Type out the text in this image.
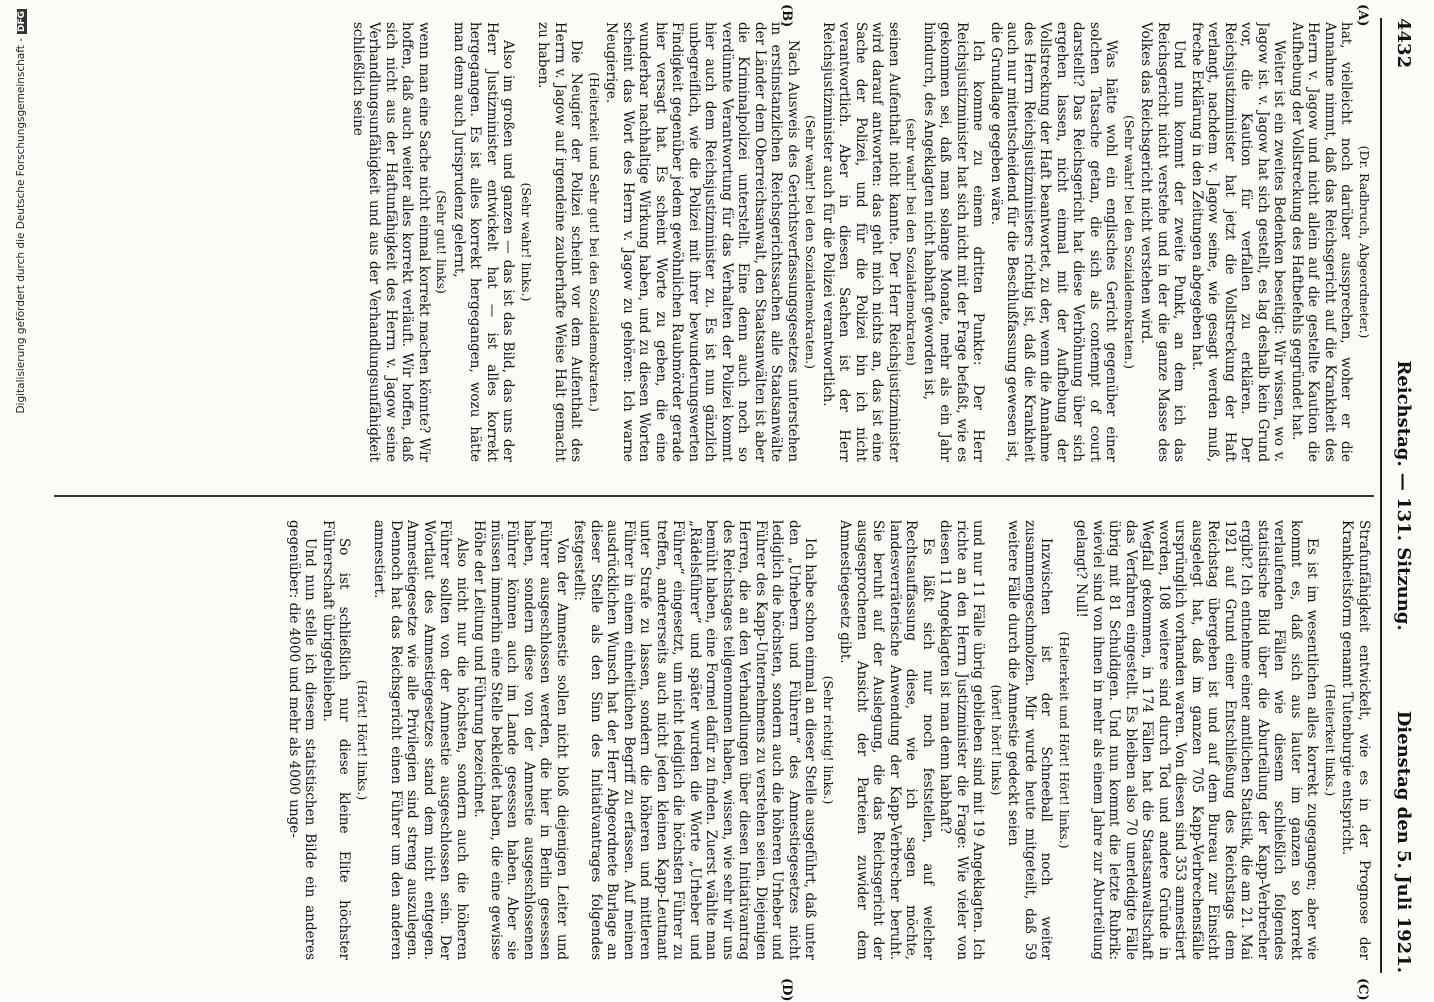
4432
Reichstag. — 131. Sitzung.
Dienstag den 5. Juli 1921.
(A)
(B)
(C)
(D)

(Dr. Radbruch, Abgeordneter.)

hat, vielleicht noch darüber aussprechen, woher er die Annahme nimmt, daß das Reichsgericht auf die Krankheit des Herrn v. Jagow und nicht allein auf die gestellte Kaution die Aufhebung der Vollstreckung des Haftbefehls gegründet hat.

Weiter ist ein zweites Bedenken beseitigt: Wir wissen, wo v. Jagow ist. v. Jagow hat sich gestellt, es lag deshalb kein Grund vor, die Kaution für verfallen zu erklären. Der Reichsjustizminister hat jetzt die Vollstreckung der Haft verlangt, nachdem v. Jagow seine, wie gesagt werden muß, freche Erklärung in den Zeitungen abgegeben hat.

Und nun kommt der zweite Punkt, an dem ich das Reichsgericht nicht verstehe und in der die ganze Masse des Volkes das Reichsgericht nicht verstehen wird.

(Sehr wahr! bei den Sozialdemokraten.)

Was hätte wohl ein englisches Gericht gegenüber einer solchen Tatsache getan, die sich als contempt of court darstellt? Das Reichsgericht hat diese Verhöhnung über sich ergehen lassen, nicht einmal mit der Aufhebung der Vollstreckung der Haft beantwortet, zu der, wenn die Annahme des Herrn Reichsjustizministers richtig ist, daß die Krankheit auch nur mitentscheidend für die Beschlußfassung gewesen ist, die Grundlage gegeben wäre.

Ich komme zu einem dritten Punkte: Der Herr Reichsjustizminister hat sich nicht mit der Frage befaßt, wie es gekommen sei, daß man solange Monate, mehr als ein Jahr hindurch, des Angeklagten nicht habhaft geworden ist,

(sehr wahr! bei den Sozialdemokraten)

seinen Aufenthalt nicht kannte. Der Herr Reichsjustizminister wird darauf antworten: das geht mich nichts an, das ist eine Sache der Polizei, und für die Polizei bin ich nicht verantwortlich. Aber in diesen Sachen ist der Herr Reichsjustizminister auch für die Polizei verantwortlich.

(Sehr wahr! bei den Sozialdemokraten.)

Nach Ausweis des Gerichtsverfassungsgesetzes unterstehen in erstinstanzlichen Reichsgerichtssachen alle Staatsanwälte der Länder dem Oberreichsanwalt, den Staatsanwälten ist aber die Kriminalpolizei unterstellt. Eine denn auch noch so verdünnte Verantwortung für das Verhalten der Polizei kommt hier auch dem Reichsjustizminister zu. Es ist nun gänzlich unbegreiflich, wie die Polizei mit ihrer bewunderungswerten Findigkeit gegenüber jedem gewöhnlichen Raubmörder gerade hier versagt hat. Es scheint Worte zu geben, die eine wunderbar nachhaltige Wirkung haben, und zu diesen Worten scheint das Wort des Herrn v. Jagow zu gehören: Ich warne Neugierige.

(Heiterkeit und Sehr gut! bei den Sozialdemokraten.)

Die Neugier der Polizei scheint vor dem Aufenthalt des Herrn v. Jagow auf irgendeine zauberhafte Weise Halt gemacht zu haben.

(Sehr wahr! links.)

Also im großen und ganzen — das ist das Bild, das uns der Herr Justizminister entwickelt hat — ist alles korrekt hergegangen. Es ist alles korrekt hergegangen, wozu hätte man denn auch Jurisprudenz gelernt,

(Sehr gut! links)

wenn man eine Sache nicht einmal korrekt machen könnte? Wir hoffen, daß auch weiter alles korrekt verläuft. Wir hoffen, daß sich nicht aus der Haftunfähigkeit des Herrn v. Jagow seine Verhandlungsunfähigkeit und aus der Verhandlungsunfähigkeit schließlich seine

Strafunfähigkeit entwickelt, wie es in der Prognose der Krankheitsform genannt Tutenburgie entspricht.

(Heiterkeit links.)

Es ist im wesentlichen alles korrekt zugegangen; aber wie kommt es, daß sich aus lauter im ganzen so korrekt verlaufenden Fällen wie diesem schließlich folgendes statistische Bild über die Aburteilung der Kapp-Verbrecher ergibt? Ich entnehme einer amtlichen Statistik, die am 21. Mai 1921 auf Grund einer Entschließung des Reichstags dem Reichstag übergeben ist und auf dem Bureau zur Einsicht ausgelegt hat, daß im ganzen 705 Kapp-Verbrechensfälle ursprünglich vorhanden waren. Von diesen sind 353 amnestiert worden, 108 weitere sind durch Tod und andere Gründe in Wegfall gekommen, in 174 Fällen hat die Staatsanwaltschaft das Verfahren eingestellt. Es bleiben also 70 unerledigte Fälle übrig mit 81 Schuldigen. Und nun kommt die letzte Rubrik: wieviel sind von ihnen in mehr als einem Jahre zur Aburteilung gelangt? Null!

(Heiterkeit und Hört! Hört! links.)

Inzwischen ist der Schneeball noch weiter zusammengeschmolzen. Mir wurde heute mitgeteilt, daß 59 weitere Fälle durch die Amnestie gedeckt seien

(hört! hört! links)

und nur 11 Fälle übrig geblieben sind mit 19 Angeklagten. Ich richte an den Herrn Justizminister die Frage: Wie vieler von diesen 11 Angeklagten ist man denn habhaft?

Es läßt sich nur noch feststellen, auf welcher Rechtsauffassung diese, wie ich sagen möchte, landesverräterische Anwendung der Kapp-Verbrecher beruht. Sie beruht auf der Auslegung, die das Reichsgericht der ausgesprochenen Ansicht der Parteien zuwider dem Amnestiegesetz gibt.

(Sehr richtig! links.)

Ich habe schon einmal an dieser Stelle ausgeführt, daß unter den „Urhebern und Führern“ des Amnestiegesetzes nicht lediglich die höchsten, sondern auch die höheren Urheber und Führer des Kapp-Unternehmens zu verstehen seien. Diejenigen Herren, die an den Verhandlungen über diesen Initiativantrag des Reichstages teilgenommen haben, wissen, wie sehr wir uns bemüht haben, eine Formel dafür zu finden. Zuerst wählte man „Rädelsführer“ und später wurden die Worte „Urheber und Führer“ eingesetzt, um nicht lediglich die höchsten Führer zu treffen, andererseits auch nicht jeden kleinen Kapp-Leutnant unter Strafe zu lassen, sondern die höheren und mittleren Führer in einem einheitlichen Begriff zu erfassen. Auf meinen ausdrücklichen Wunsch hat der Herr Abgeordnete Burlage an dieser Stelle als den Sinn des Initiativantrages folgendes festgestellt:

Von der Amnestie sollen nicht bloß diejenigen Leiter und Führer ausgeschlossen werden, die hier in Berlin gesessen haben, sondern diese von der Amnestie ausgeschlossenen Führer können auch im Lande gesessen haben. Aber sie müssen immerhin eine Stelle bekleidet haben, die eine gewisse Höhe der Leitung und Führung bezeichnet.

Also nicht nur die höchsten, sondern auch die höheren Führer sollten von der Amnestie ausgeschlossen sein. Der Wortlaut des Amnestiegesetzes stand dem nicht entgegen. Amnestiegesetze wie alle Privilegien sind streng auszulegen. Dennoch hat das Reichsgericht einen Führer um den anderen amnestiert.

(Hört! Hört! links.)

So ist schließlich nur diese kleine Elite höchster Führerschaft übriggeblieben.

Und nun stelle ich diesem statistischen Bilde ein anderes gegenüber: die 4000 und mehr als 4000 unge-

Digitalisierung gefördert durch die Deutsche Forschungsgemeinschaft -DFG
